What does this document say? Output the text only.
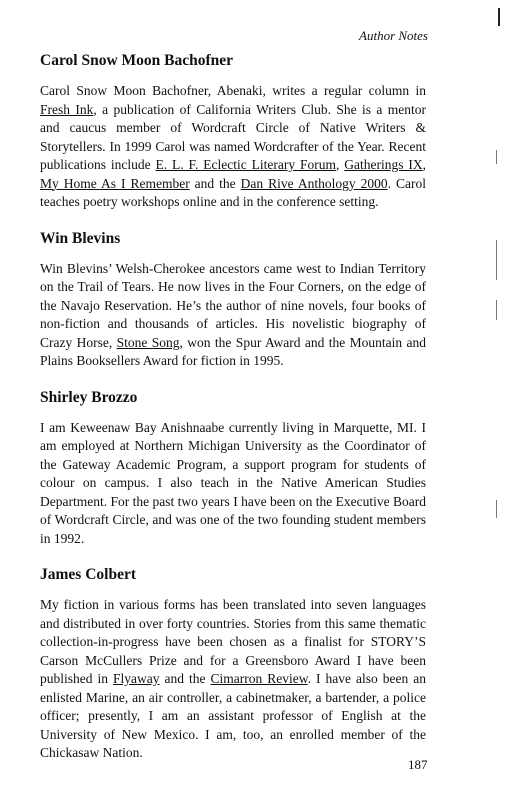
Author Notes
Carol Snow Moon Bachofner

Carol Snow Moon Bachofner, Abenaki, writes a regular column in Fresh Ink, a publication of California Writers Club. She is a mentor and caucus member of Wordcraft Circle of Native Writers & Storytellers. In 1999 Carol was named Wordcrafter of the Year. Recent publications include E. L. F. Eclectic Literary Forum, Gatherings IX, My Home As I Remember and the Dan Rive Anthology 2000. Carol teaches poetry workshops online and in the conference setting.

Win Blevins

Win Blevins’ Welsh-Cherokee ancestors came west to Indian Territory on the Trail of Tears. He now lives in the Four Corners, on the edge of the Navajo Reservation. He’s the author of nine novels, four books of non-fiction and thousands of articles. His novelistic biography of Crazy Horse, Stone Song, won the Spur Award and the Mountain and Plains Booksellers Award for fiction in 1995.

Shirley Brozzo

I am Keweenaw Bay Anishnaabe currently living in Marquette, MI. I am employed at Northern Michigan University as the Coordinator of the Gateway Academic Program, a support program for students of colour on campus. I also teach in the Native American Studies Department. For the past two years I have been on the Executive Board of Wordcraft Circle, and was one of the two founding student members in 1992.

James Colbert

My fiction in various forms has been translated into seven languages and distributed in over forty countries. Stories from this same thematic collection-in-progress have been chosen as a finalist for STORY’S Carson McCullers Prize and for a Greensboro Award I have been published in Flyaway and the Cimarron Review. I have also been an enlisted Marine, an air controller, a cabinetmaker, a bartender, a police officer; presently, I am an assistant professor of English at the University of New Mexico. I am, too, an enrolled member of the Chickasaw Nation.

187
